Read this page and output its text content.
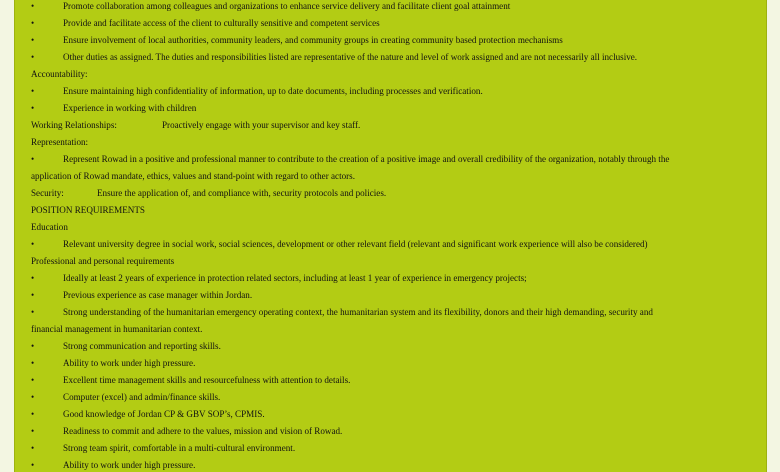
•	Promote collaboration among colleagues and organizations to enhance service delivery and facilitate client goal attainment
•	Provide and facilitate access of the client to culturally sensitive and competent services
•	Ensure involvement of local authorities, community leaders, and community groups in creating community based protection mechanisms
•	Other duties as assigned. The duties and responsibilities listed are representative of the nature and level of work assigned and are not necessarily all inclusive.
Accountability:
•	Ensure maintaining high confidentiality of information, up to date documents, including processes and verification.
•	Experience in working with children
Working Relationships:	Proactively engage with your supervisor and key staff.
Representation:
•	Represent Rowad in a positive and professional manner to contribute to the creation of a positive image and overall credibility of the organization, notably through the
application of Rowad mandate, ethics, values and stand-point with regard to other actors.
Security:	Ensure the application of, and compliance with, security protocols and policies.
POSITION REQUIREMENTS
Education
•	Relevant university degree in social work, social sciences, development or other relevant field (relevant and significant work experience will also be considered)
Professional and personal requirements
•	Ideally at least 2 years of experience in protection related sectors, including at least 1 year of experience in emergency projects;
•	Previous experience as case manager within Jordan.
•	Strong understanding of the humanitarian emergency operating context, the humanitarian system and its flexibility, donors and their high demanding, security and
financial management in humanitarian context.
•	Strong communication and reporting skills.
•	Ability to work under high pressure.
•	Excellent time management skills and resourcefulness with attention to details.
•	Computer (excel) and admin/finance skills.
•	Good knowledge of Jordan CP & GBV SOP’s, CPMIS.
•	Readiness to commit and adhere to the values, mission and vision of Rowad.
•	Strong team spirit, comfortable in a multi-cultural environment.
•	Ability to work under high pressure.
